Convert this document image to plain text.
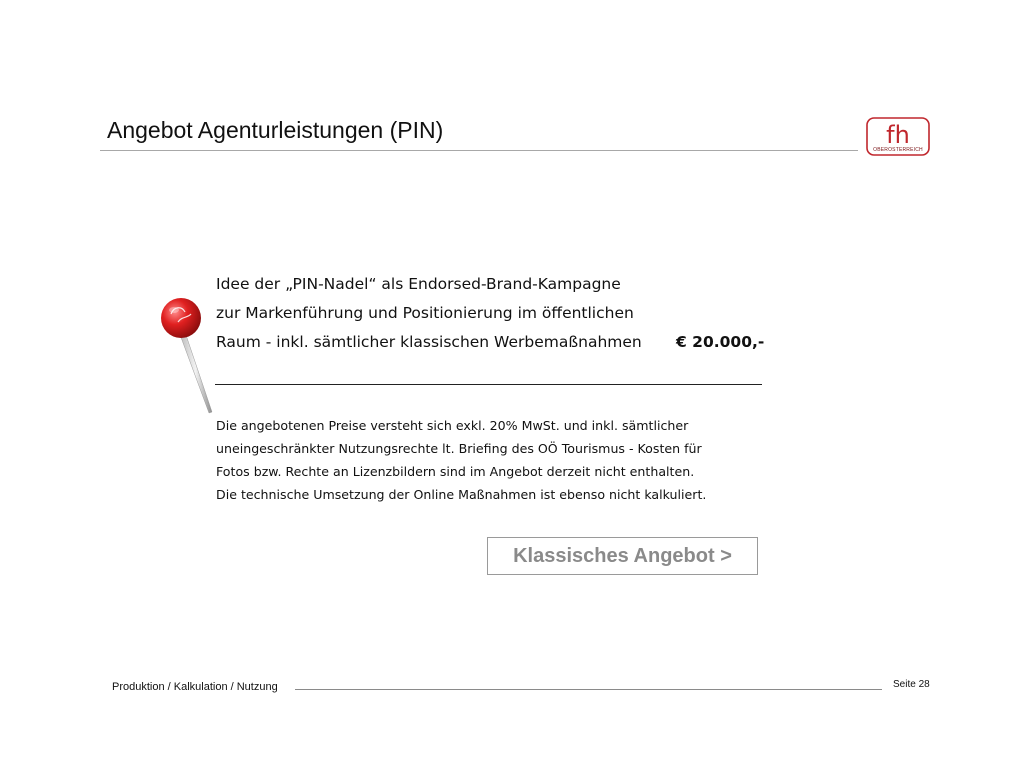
Angebot Agenturleistungen (PIN)	fh
OBERÖSTERREICH
Idee der „PIN-Nadel“ als Endorsed-Brand-Kampagne
zur Markenführung und Positionierung im öffentlichen
Raum - inkl. sämtlicher klassischen Werbemaßnahmen	€ 20.000,-
Die angebotenen Preise versteht sich exkl. 20% MwSt. und inkl. sämtlicher
uneingeschränkter Nutzungsrechte lt. Briefing des OÖ Tourismus - Kosten für
Fotos bzw. Rechte an Lizenzbildern sind im Angebot derzeit nicht enthalten.
Die technische Umsetzung der Online Maßnahmen ist ebenso nicht kalkuliert.
Klassisches Angebot >
Produktion / Kalkulation / Nutzung	Seite 28
